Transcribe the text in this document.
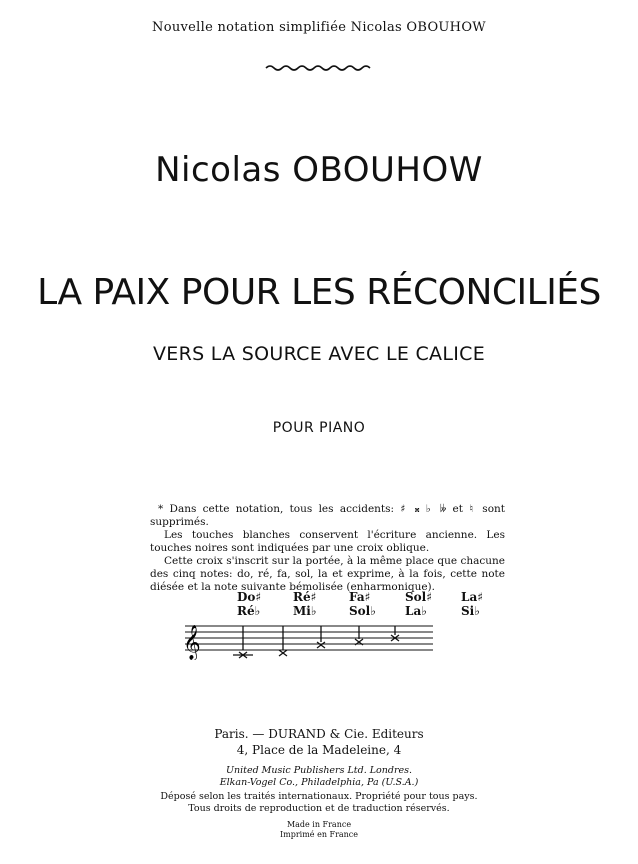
Nouvelle notation simplifiée Nicolas OBOUHOW
Nicolas OBOUHOW
LA PAIX POUR LES RÉCONCILIÉS
VERS LA SOURCE AVEC LE CALICE
POUR PIANO

* Dans cette notation, tous les accidents: ♯ 𝄪 ♭ 𝄫 et ♮ sont supprimés.

Les touches blanches conservent l'écriture ancienne. Les touches noires sont indiquées par une croix oblique.

Cette croix s'inscrit sur la portée, à la même place que chacune des cinq notes: do, ré, fa, sol, la et exprime, à la fois, cette note diésée et la note suivante bémolisée (enharmonique).

Do♯	Ré♯	Fa♯	Sol♯	La♯
Ré♭	Mi♭	Sol♭	La♭	Si♭
𝄞
Paris. — DURAND & Cie. Editeurs
4, Place de la Madeleine, 4
United Music Publishers Ltd. Londres.
Elkan-Vogel Co., Philadelphia, Pa (U.S.A.)
Déposé selon les traités internationaux. Propriété pour tous pays.
Tous droits de reproduction et de traduction réservés.
Made in France
Imprimé en France
